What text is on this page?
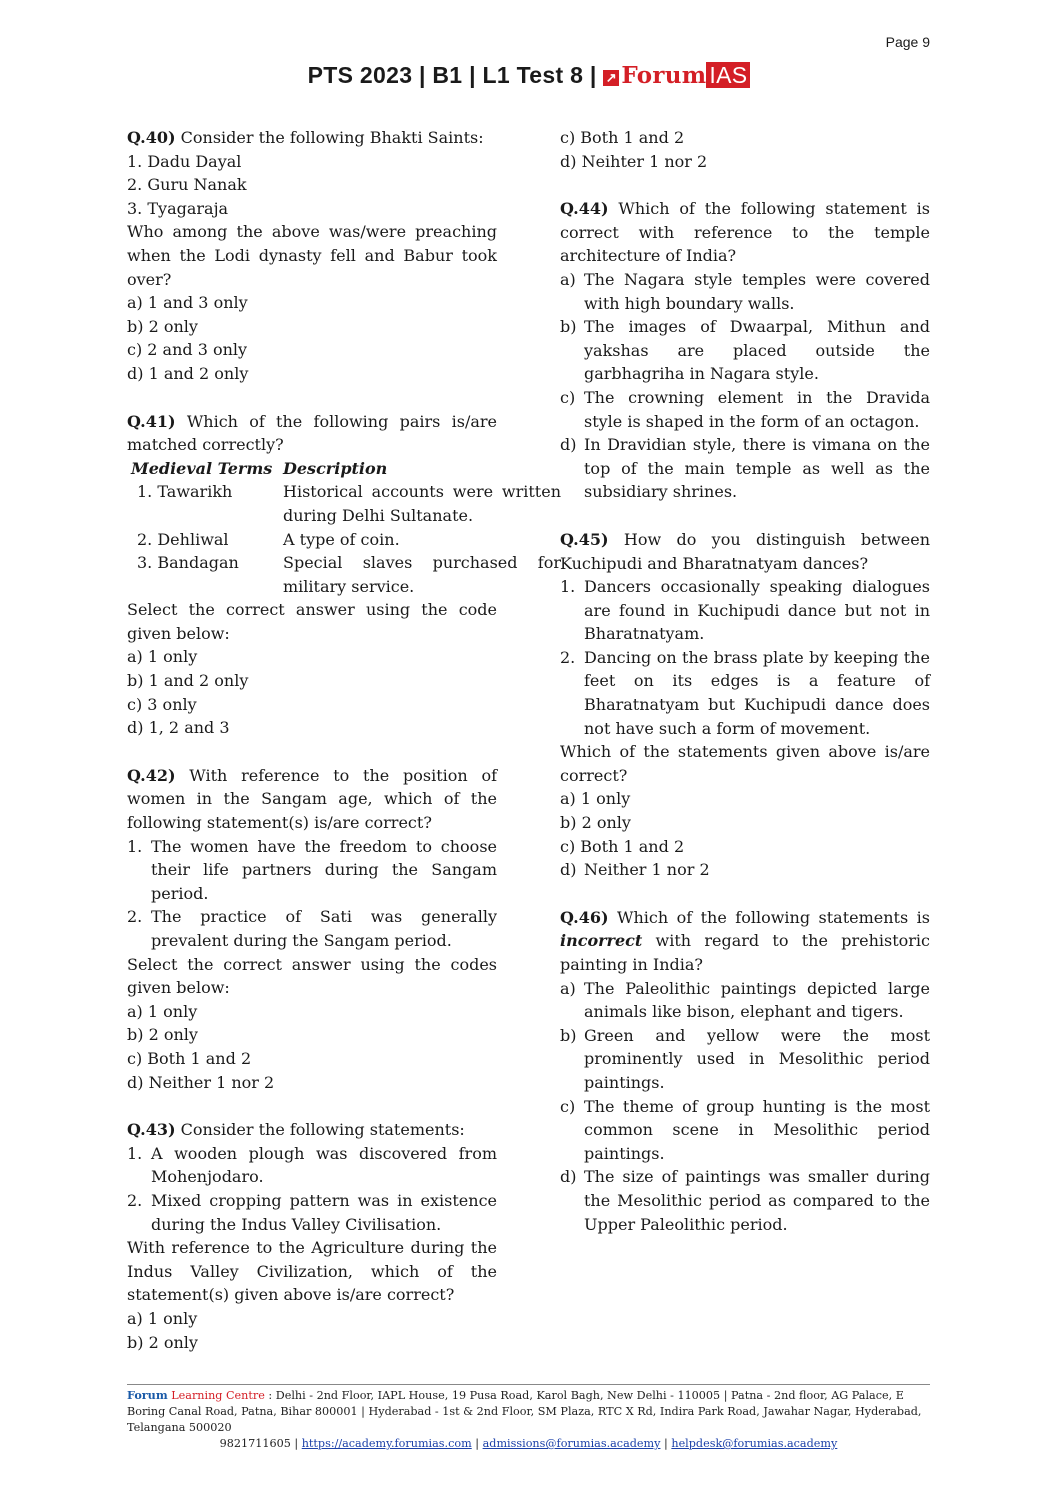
Page 9
PTS 2023 | B1 | L1 Test 8 | ↗ Forum IAS
Q.40) Consider the following Bhakti Saints:
1. Dadu Dayal
2. Guru Nanak
3. Tyagaraja
Who among the above was/were preaching when the Lodi dynasty fell and Babur took over?
a) 1 and 3 only
b) 2 only
c) 2 and 3 only
d) 1 and 2 only
Q.41) Which of the following pairs is/are matched correctly?
Medieval Terms	Description
1. Tawarikh	Historical accounts were written during Delhi Sultanate.
2. Dehliwal	A type of coin.
3. Bandagan	Special slaves purchased for military service.
Select the correct answer using the code given below:
a) 1 only
b) 1 and 2 only
c) 3 only
d) 1, 2 and 3
Q.42) With reference to the position of women in the Sangam age, which of the following statement(s) is/are correct?
1. The women have the freedom to choose their life partners during the Sangam period.
2. The practice of Sati was generally prevalent during the Sangam period.
Select the correct answer using the codes given below:
a) 1 only
b) 2 only
c) Both 1 and 2
d) Neither 1 nor 2
Q.43) Consider the following statements:
1. A wooden plough was discovered from Mohenjodaro.
2. Mixed cropping pattern was in existence during the Indus Valley Civilisation.
With reference to the Agriculture during the Indus Valley Civilization, which of the statement(s) given above is/are correct?
a) 1 only
b) 2 only
c) Both 1 and 2
d) Neihter 1 nor 2
Q.44) Which of the following statement is correct with reference to the temple architecture of India?
a) The Nagara style temples were covered with high boundary walls.
b) The images of Dwaarpal, Mithun and yakshas are placed outside the garbhagriha in Nagara style.
c) The crowning element in the Dravida style is shaped in the form of an octagon.
d) In Dravidian style, there is vimana on the top of the main temple as well as the subsidiary shrines.
Q.45) How do you distinguish between Kuchipudi and Bharatnatyam dances?
1. Dancers occasionally speaking dialogues are found in Kuchipudi dance but not in Bharatnatyam.
2. Dancing on the brass plate by keeping the feet on its edges is a feature of Bharatnatyam but Kuchipudi dance does not have such a form of movement.
Which of the statements given above is/are correct?
a) 1 only
b) 2 only
c) Both 1 and 2
d) Neither 1 nor 2
Q.46) Which of the following statements is incorrect with regard to the prehistoric painting in India?
a) The Paleolithic paintings depicted large animals like bison, elephant and tigers.
b) Green and yellow were the most prominently used in Mesolithic period paintings.
c) The theme of group hunting is the most common scene in Mesolithic period paintings.
d) The size of paintings was smaller during the Mesolithic period as compared to the Upper Paleolithic period.
Forum Learning Centre : Delhi - 2nd Floor, IAPL House, 19 Pusa Road, Karol Bagh, New Delhi - 110005 | Patna - 2nd floor, AG Palace, E Boring Canal Road, Patna, Bihar 800001 | Hyderabad - 1st & 2nd Floor, SM Plaza, RTC X Rd, Indira Park Road, Jawahar Nagar, Hyderabad, Telangana 500020
9821711605 | https://academy.forumias.com | admissions@forumias.academy | helpdesk@forumias.academy
